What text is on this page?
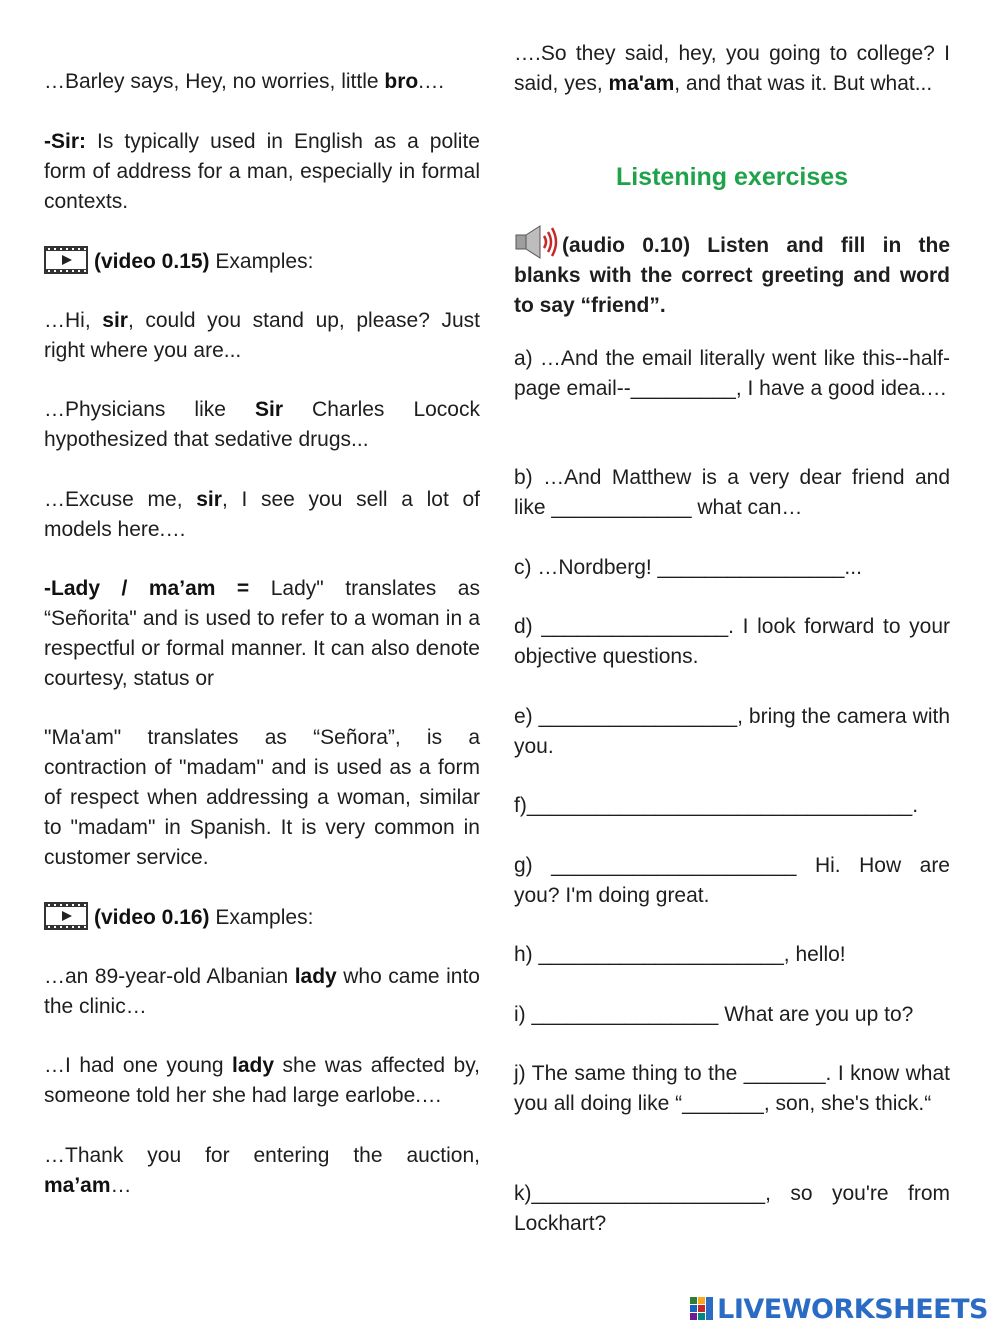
…Barley says, Hey, no worries, little bro.…

-Sir: Is typically used in English as a polite form of address for a man, especially in formal contexts.

(video 0.15) Examples:

…Hi, sir, could you stand up, please? Just right where you are...

…Physicians like Sir Charles Locock hypothesized that sedative drugs...

…Excuse me, sir, I see you sell a lot of models here.…

-Lady / ma’am = Lady" translates as “Señorita" and is used to refer to a woman in a respectful or formal manner. It can also denote courtesy, status or

"Ma'am" translates as “Señora”, is a contraction of "madam" and is used as a form of respect when addressing a woman, similar to "madam" in Spanish. It is very common in customer service.

(video 0.16) Examples:

…an 89-year-old Albanian lady who came into the clinic…

…I had one young lady she was affected by, someone told her she had large earlobe.…

…Thank you for entering the auction, ma’am…

….So they said, hey, you going to college? I said, yes, ma'am, and that was it. But what...

Listening exercises

(audio 0.10) Listen and fill in the blanks with the correct greeting and word to say “friend”.

a) …And the email literally went like this--half-page email--_________, I have a good idea.…

b) …And Matthew is a very dear friend and like ____________ what can…

c) …Nordberg! ________________...

d) ________________. I look forward to your objective questions.

e) _________________, bring the camera with you.

f)_________________________________.

g) _____________________ Hi. How are you? I'm doing great.

h) _____________________, hello!

i) ________________ What are you up to?

j) The same thing to the _______. I know what you all doing like “_______, son, she's thick.“

k)____________________, so you're from Lockhart?

LIVEWORKSHEETS
